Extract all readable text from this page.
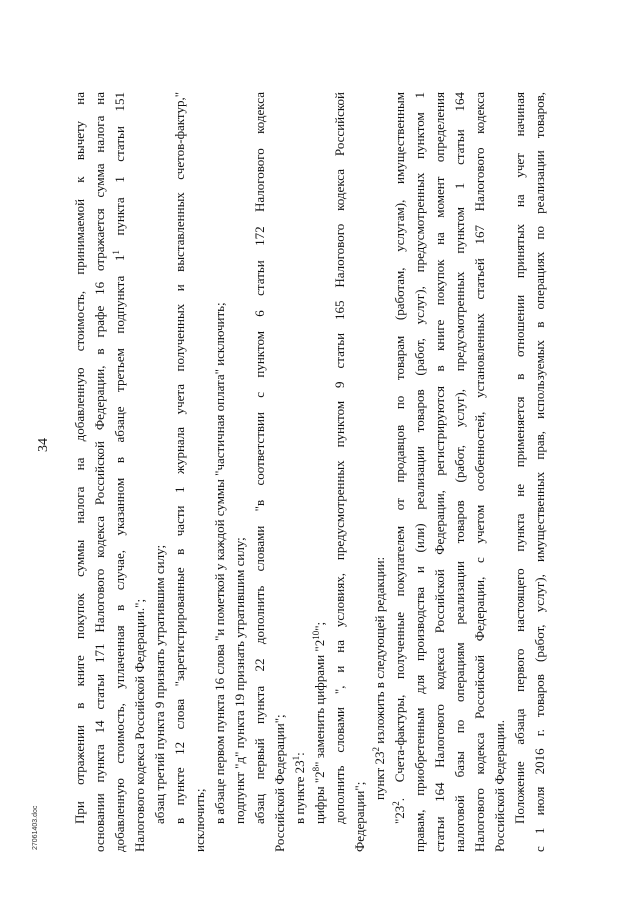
34	При отражении в книге покупок суммы налога на добавленную стоимость, принимаемой к вычету на основании пункта 14 статьи 171 Налогового кодекса Российской Федерации, в графе 16 отражается сумма налога на добавленную стоимость, уплаченная в случае, указанном в абзаце третьем подпункта $1^1$ пункта 1 статьи 151
Налогового кодекса Российской Федерации."; абзац третий пункта 9 признать утратившим силу; в пункте 12 слова "зарегистрированные в части 1 журнала учета полученных и выставленных счетов-фактур," исключить; в абзаце первом пункта 16 слова "и пометкой у каждой суммы "частичная оплата" исключить; подпункт "д" пункта 19 признать утратившим силу; абзац первый пункта 22 дополнить словами "в соответствии с пунктом 6 статьи 172 Налогового кодекса Российской Федерации"; в пункте $23^1$:
цифры "$2^8$" заменить цифрами "$2^{10}$"; дополнить словами ", и на условиях, предусмотренных пунктом 9 статьи 165 Налогового кодекса Российской Федерации";
пункт $23^2$ изложить в следующей редакции:
"$23^2$. Счета-фактуры, полученные покупателем от продавцов по товарам (работам, услугам), имущественным правам, приобретенным для производства и (или) реализации товаров (работ, услуг), предусмотренных пунктом 1 статьи 164 Налогового кодекса Российской Федерации, регистрируются в книге покупок на момент определения налоговой базы по операциям реализации товаров (работ, услуг), предусмотренных пунктом 1 статьи 164 Налогового кодекса Российской Федерации, с учетом особенностей, установленных статьей 167 Налогового кодекса Российской Федерации. Положение абзаца первого настоящего пункта не применяется в отношении принятых на учет начиная с 1 июля 2016 г. товаров (работ, услуг), имущественных прав, используемых в операциях по реализации товаров,
27061403.doc
